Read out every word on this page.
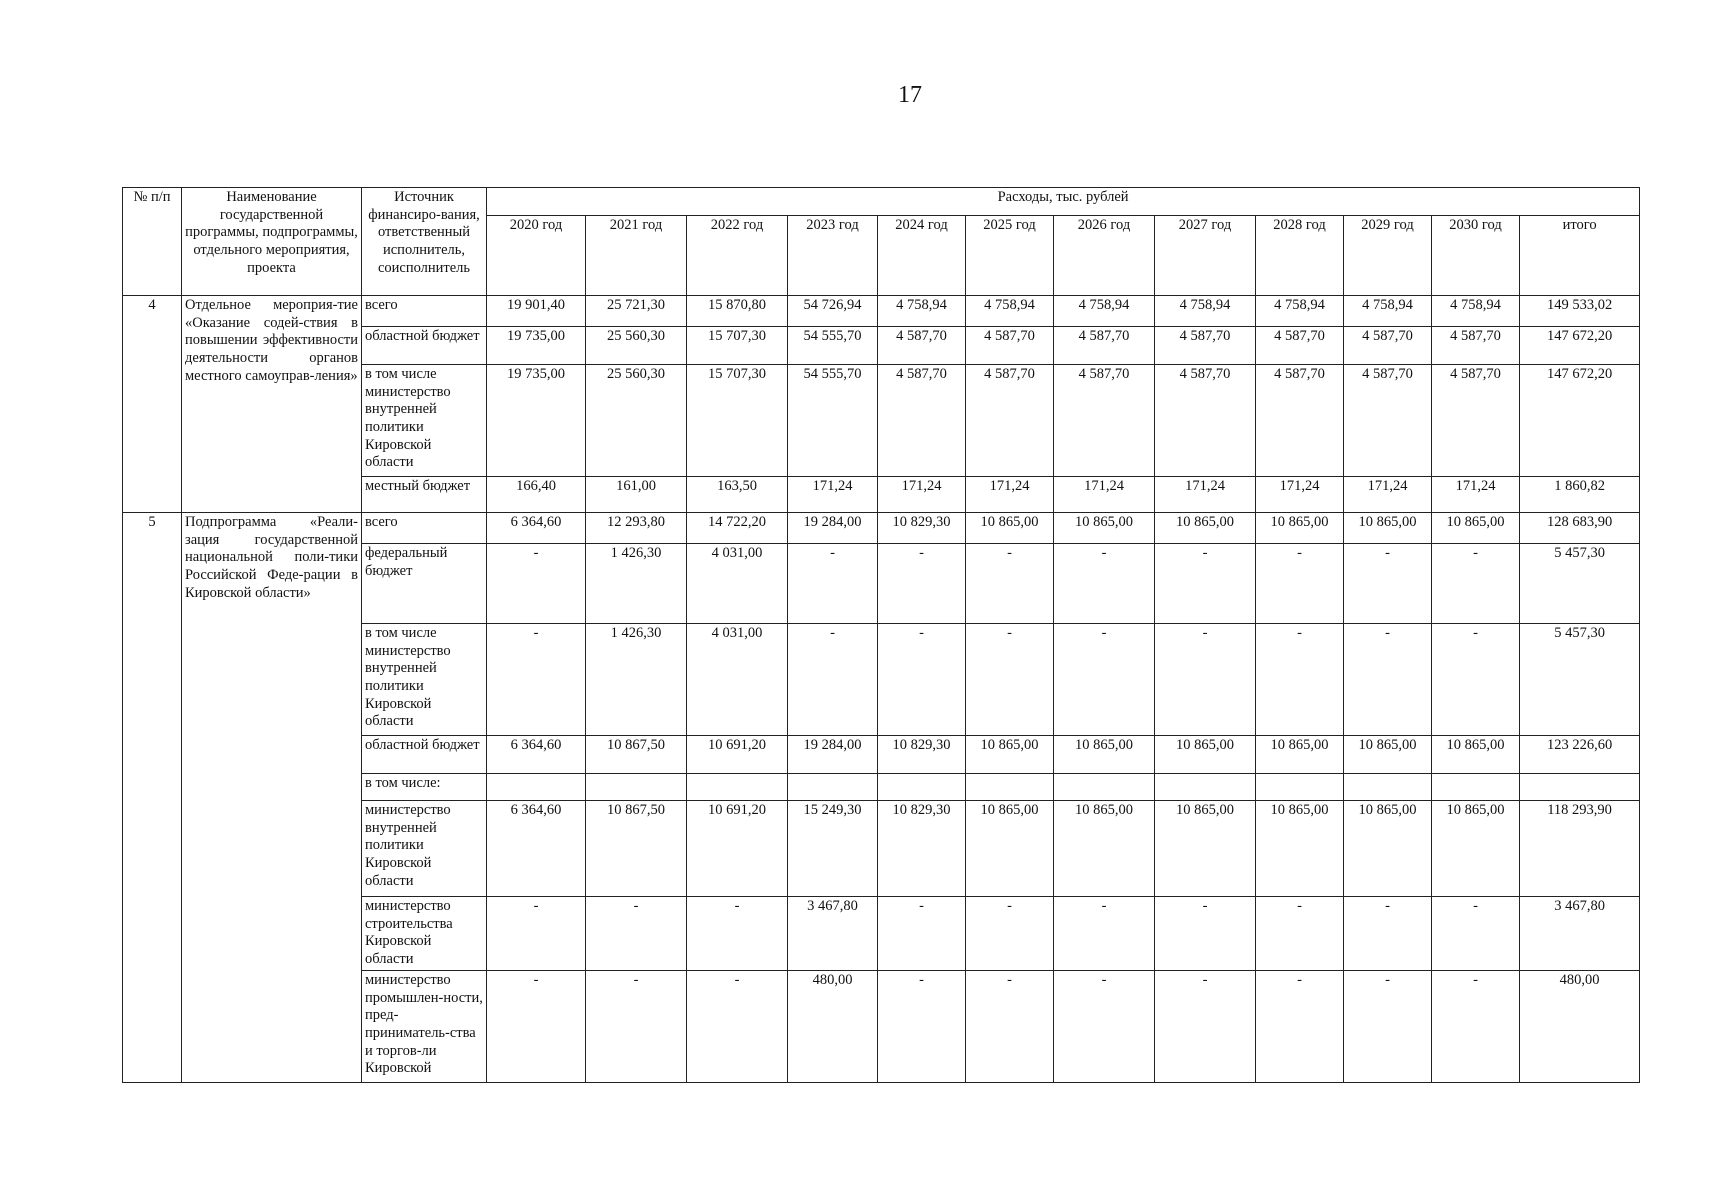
17
№ п/п	Наименование государственной программы, подпрограммы, отдельного мероприятия, проекта	Источник финансиро-вания, ответственный исполнитель, соисполнитель	Расходы, тыс. рублей											
			2020 год	2021 год	2022 год	2023 год	2024 год	2025 год	2026 год	2027 год	2028 год	2029 год	2030 год	итого
4	Отдельное мероприя-тие «Оказание содей-ствия в повышении эффективности деятельности органов местного самоуправ-ления»	всего	19 901,40	25 721,30	15 870,80	54 726,94	4 758,94	4 758,94	4 758,94	4 758,94	4 758,94	4 758,94	4 758,94	149 533,02
		областной бюджет	19 735,00	25 560,30	15 707,30	54 555,70	4 587,70	4 587,70	4 587,70	4 587,70	4 587,70	4 587,70	4 587,70	147 672,20
		в том числе министерство внутренней политики Кировской области	19 735,00	25 560,30	15 707,30	54 555,70	4 587,70	4 587,70	4 587,70	4 587,70	4 587,70	4 587,70	4 587,70	147 672,20
		местный бюджет	166,40	161,00	163,50	171,24	171,24	171,24	171,24	171,24	171,24	171,24	171,24	1 860,82
5	Подпрограмма «Реали-зация государственной национальной поли-тики Российской Феде-рации в Кировской области»	всего	6 364,60	12 293,80	14 722,20	19 284,00	10 829,30	10 865,00	10 865,00	10 865,00	10 865,00	10 865,00	10 865,00	128 683,90
		федеральный бюджет	-	1 426,30	4 031,00	-	-	-	-	-	-	-	-	5 457,30
		в том числе министерство внутренней политики Кировской области	-	1 426,30	4 031,00	-	-	-	-	-	-	-	-	5 457,30
		областной бюджет	6 364,60	10 867,50	10 691,20	19 284,00	10 829,30	10 865,00	10 865,00	10 865,00	10 865,00	10 865,00	10 865,00	123 226,60
		в том числе:												
		министерство внутренней политики Кировской области	6 364,60	10 867,50	10 691,20	15 249,30	10 829,30	10 865,00	10 865,00	10 865,00	10 865,00	10 865,00	10 865,00	118 293,90
		министерство строительства Кировской области	-	-	-	3 467,80	-	-	-	-	-	-	-	3 467,80
		министерство промышлен-ности, пред-приниматель-ства и торгов-ли Кировской	-	-	-	480,00	-	-	-	-	-	-	-	480,00
